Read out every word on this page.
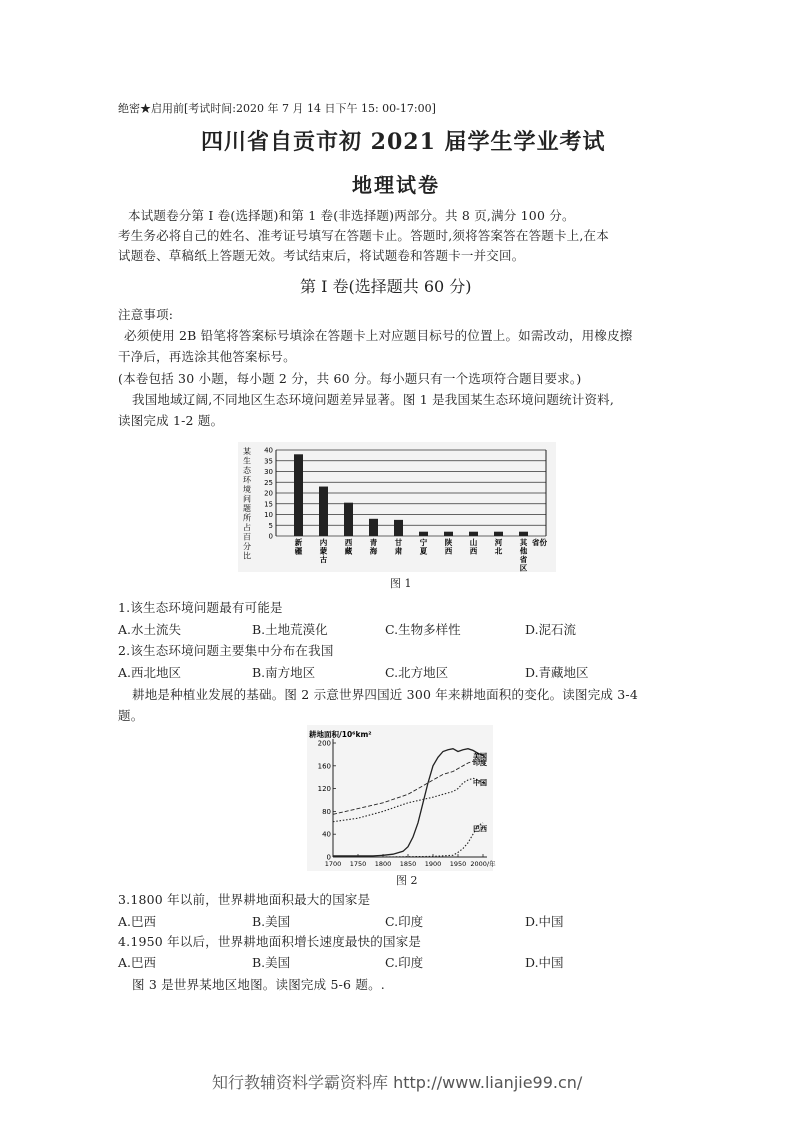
绝密★启用前[考试时间:2020 年 7 月 14 日下午 15: 00-17:00]
四川省自贡市初 2021 届学生学业考试
地理试卷
本试题卷分第 I 卷(选择题)和第 1 卷(非选择题)两部分。共 8 页,满分 100 分。
考生务必将自己的姓名、准考证号填写在答题卡止。答题时,须将答案答在答题卡上,在本
试题卷、草稿纸上答题无效。考试结束后，将试题卷和答题卡一并交回。
第 I 卷(选择题共 60 分)
注意事项:
必须使用 2B 铅笔将答案标号填涂在答题卡上对应题目标号的位置上。如需改动，用橡皮擦
干净后，再选涂其他答案标号。
(本卷包括 30 小题，每小题 2 分，共 60 分。每小题只有一个选项符合题目要求。)
我国地域辽阔,不同地区生态环境问题差异显著。图 1 是我国某生态环境问题统计资料,
读图完成 1-2 题。
某
生
态
环
境
问
题
所
占
百
分
比
0
5
10
15
20
25
30
35
40
新
疆
内
蒙
古
西
藏
青
海
甘
肃
宁
夏
陕
西
山
西
河
北
其
他
省
区
省份
图 1
1.该生态环境问题最有可能是
A.水土流失	B.土地荒漠化	C.生物多样性	D.泥石流
2.该生态环境问题主要集中分布在我国
A.西北地区	B.南方地区	C.北方地区	D.青藏地区
耕地是种植业发展的基础。图 2 示意世界四国近 300 年来耕地面积的变化。读图完成 3-4
题。
耕地面积/10⁶km²
0
40
80
120
160
200
1700 1750 1800 1850 1900 1950 2000/年
美国
印度
中国
巴西
图 2
3.1800 年以前，世界耕地面积最大的国家是
A.巴西	B.美国	C.印度	D.中国
4.1950 年以后，世界耕地面积增长速度最快的国家是
A.巴西	B.美国	C.印度	D.中国
图 3 是世界某地区地图。读图完成 5-6 题。.
知行教辅资料学霸资料库 http://www.lianjie99.cn/
